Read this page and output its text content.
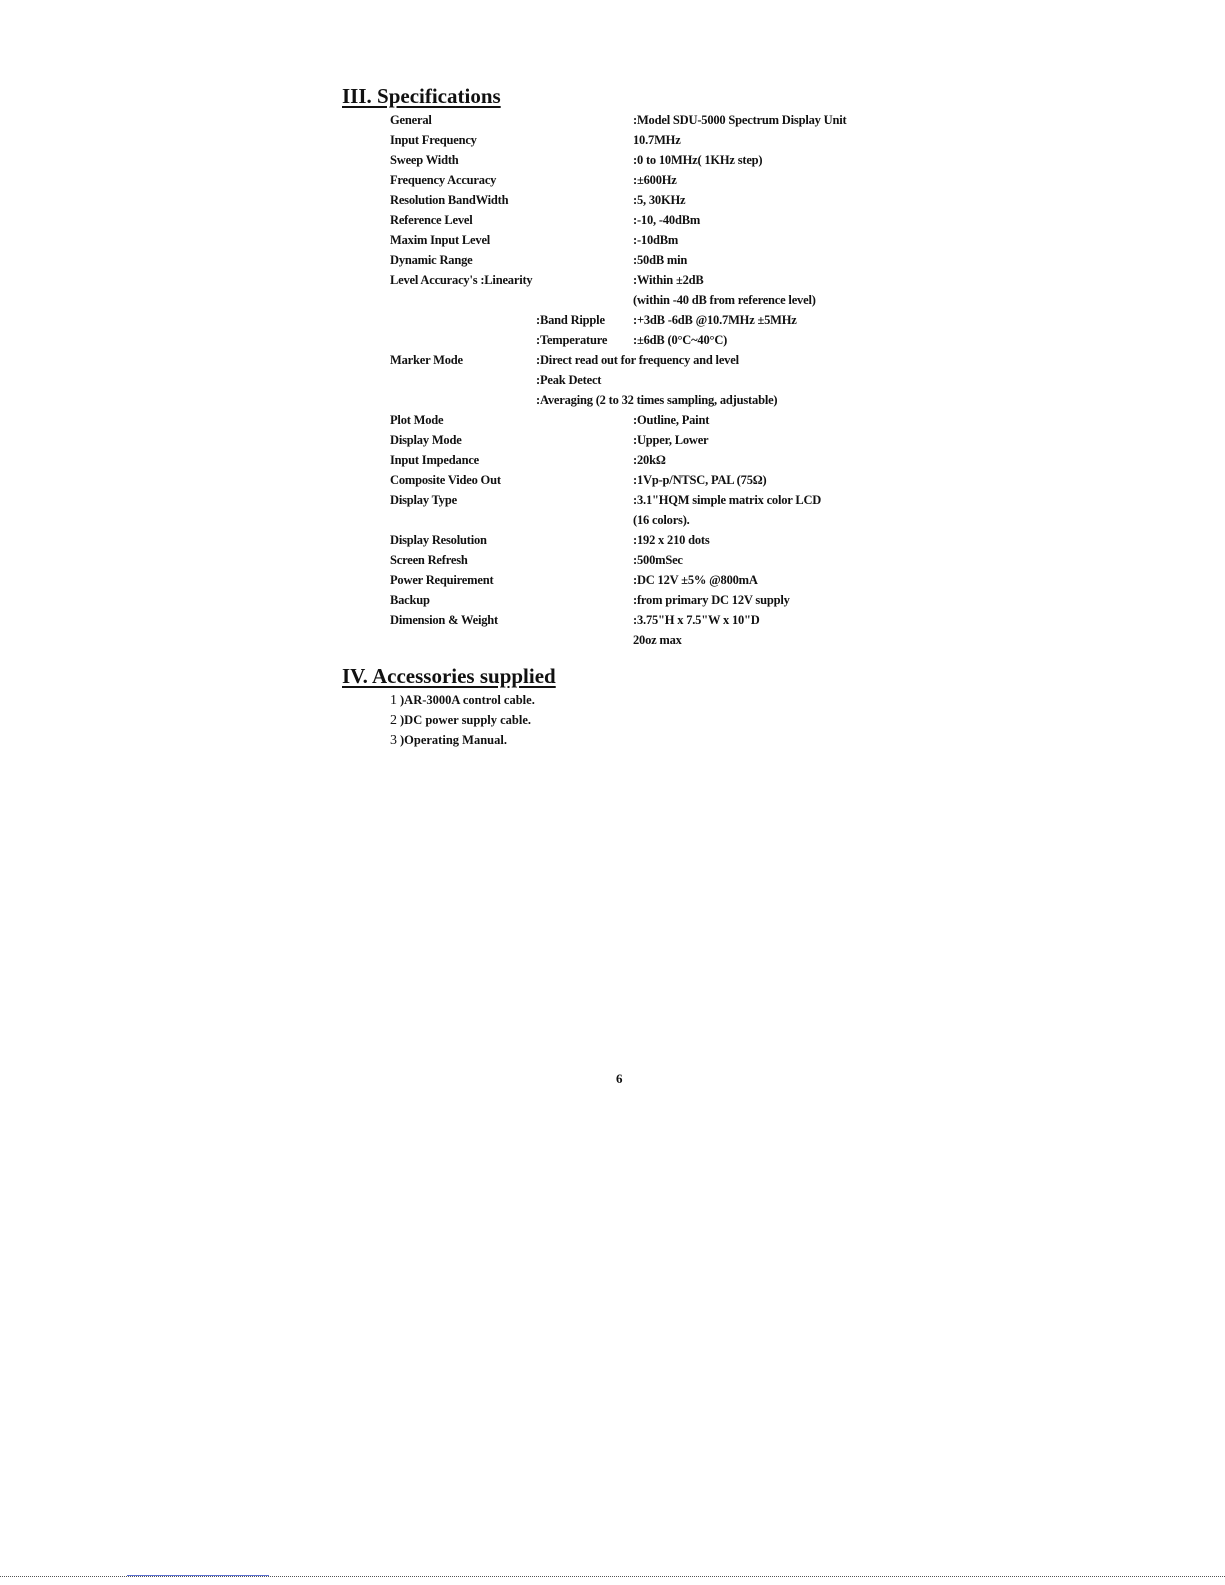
III. Specifications
General	:Model SDU-5000 Spectrum Display Unit
Input Frequency	10.7MHz
Sweep Width	:0 to 10MHz( 1KHz step)
Frequency Accuracy	:±600Hz
Resolution BandWidth	:5, 30KHz
Reference Level	:-10, -40dBm
Maxim Input Level	:-10dBm
Dynamic Range	:50dB min
Level Accuracy's :Linearity	:Within ±2dB
(within -40 dB from reference level)
:Band Ripple :+3dB -6dB @10.7MHz ±5MHz
:Temperature :±6dB (0°C~40°C)
Marker Mode	:Direct read out for frequency and level
:Peak Detect
:Averaging (2 to 32 times sampling, adjustable)
Plot Mode	:Outline, Paint
Display Mode	:Upper, Lower
Input Impedance	:20kΩ
Composite Video Out	:1Vp-p/NTSC, PAL (75Ω)
Display Type	:3.1"HQM simple matrix color LCD
(16 colors).
Display Resolution	:192 x 210 dots
Screen Refresh	:500mSec
Power Requirement	:DC 12V ±5% @800mA
Backup	:from primary DC 12V supply
Dimension & Weight	:3.75"H x 7.5"W x 10"D
20oz max
IV. Accessories supplied
1 )AR-3000A control cable.
2 )DC power supply cable.
3 )Operating Manual.
6
